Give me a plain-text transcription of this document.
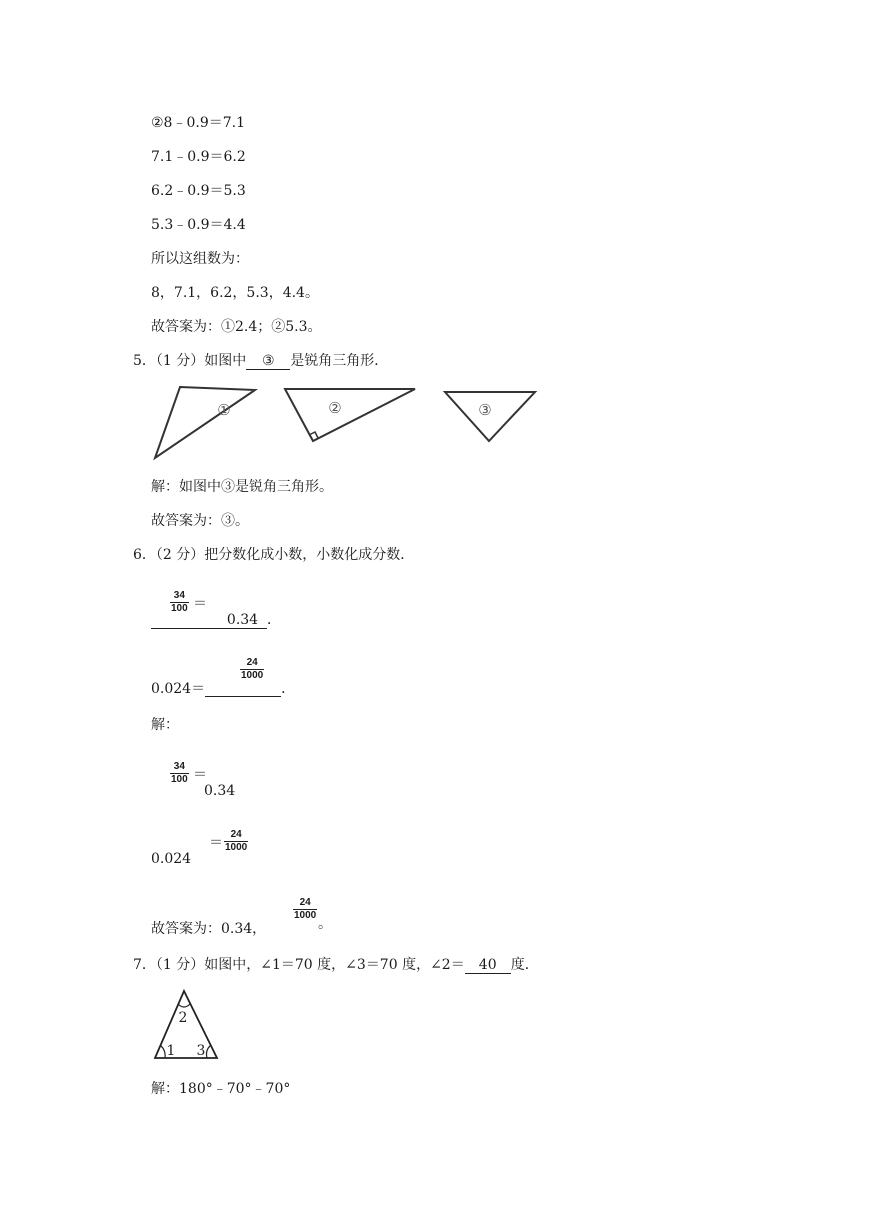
②8﹣0.9＝7.1
7.1﹣0.9＝6.2
6.2﹣0.9＝5.3
5.3﹣0.9＝4.4
所以这组数为：
8，7.1，6.2，5.3，4.4。
故答案为：①2.4；②5.3。
5．（1 分）如图中 ③ 是锐角三角形．
①	②	③
解：如图中③是锐角三角形。
故答案为：③。
6．（2 分）把分数化成小数，小数化成分数．
$\frac{34}{100}$ ＝
0.34 ．
$\frac{24}{1000}$
0.024＝	．
解：
$\frac{34}{100}$ ＝
0.34
0.024
＝ $\frac{24}{1000}$
故答案为：0.34，
$\frac{24}{1000}$
。
7．（1 分）如图中，∠1＝70 度，∠3＝70 度，∠2＝ 40 度．
2
1 3
解：180°﹣70°﹣70°
